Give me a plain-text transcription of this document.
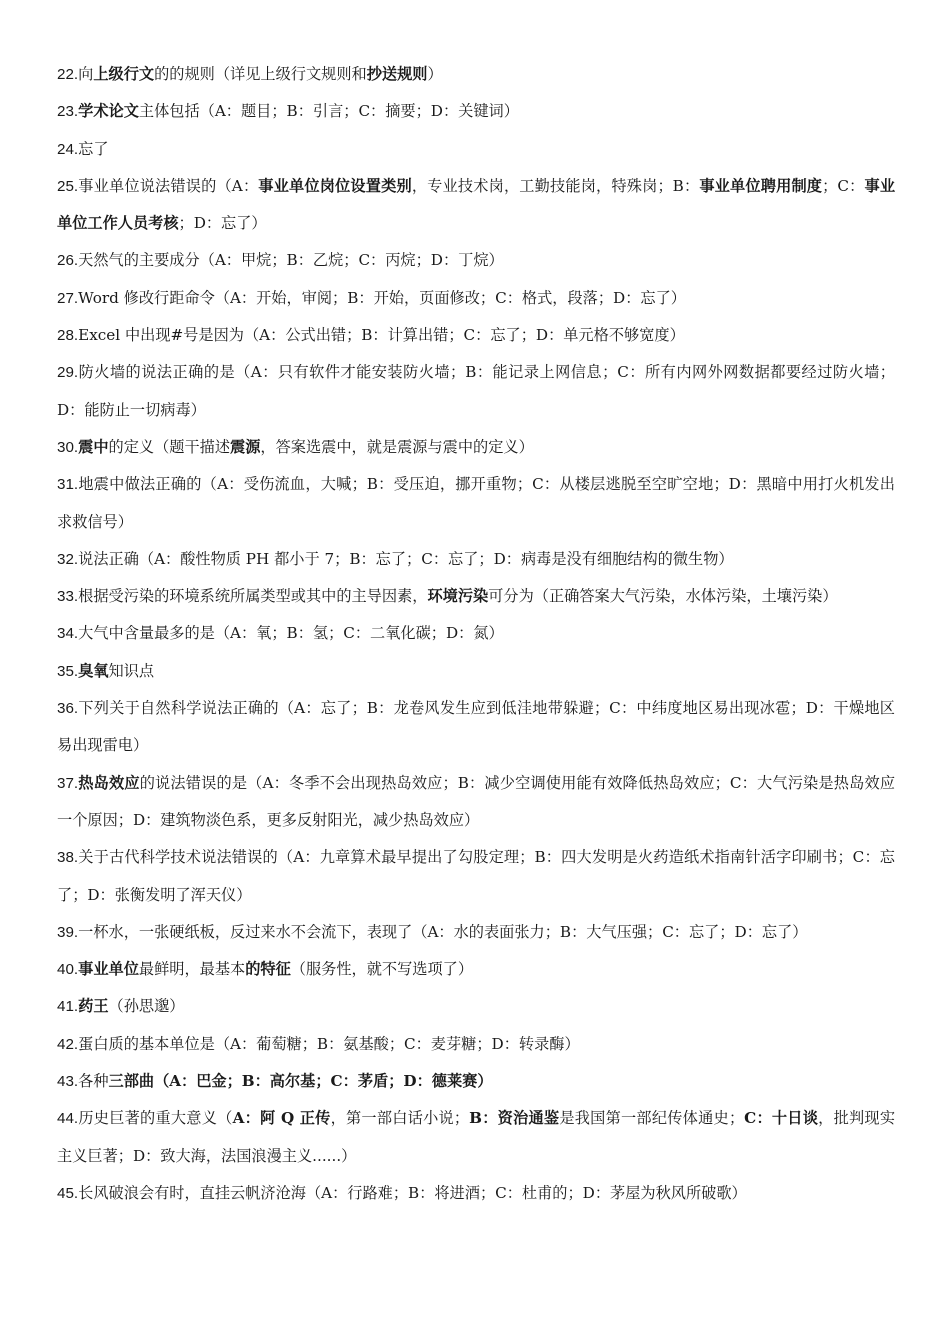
22.向上级行文的的规则（详见上级行文规则和抄送规则）

23.学术论文主体包括（A：题目；B：引言；C：摘要；D：关键词）

24.忘了

25.事业单位说法错误的（A：事业单位岗位设置类别，专业技术岗，工勤技能岗，特殊岗；B：事业单位聘用制度；C：事业单位工作人员考核；D：忘了）

26.天然气的主要成分（A：甲烷；B：乙烷；C：丙烷；D：丁烷）

27.Word 修改行距命令（A：开始，审阅；B：开始，页面修改；C：格式，段落；D：忘了）

28.Excel 中出现#号是因为（A：公式出错；B：计算出错；C：忘了；D：单元格不够宽度）

29.防火墙的说法正确的是（A：只有软件才能安装防火墙；B：能记录上网信息；C：所有内网外网数据都要经过防火墙；D：能防止一切病毒）

30.震中的定义（题干描述震源，答案选震中，就是震源与震中的定义）

31.地震中做法正确的（A：受伤流血，大喊；B：受压迫，挪开重物；C：从楼层逃脱至空旷空地；D：黑暗中用打火机发出求救信号）

32.说法正确（A：酸性物质 PH 都小于 7；B：忘了；C：忘了；D：病毒是没有细胞结构的微生物）

33.根据受污染的环境系统所属类型或其中的主导因素，环境污染可分为（正确答案大气污染，水体污染，土壤污染）

34.大气中含量最多的是（A：氧；B：氢；C：二氧化碳；D：氮）

35.臭氧知识点

36.下列关于自然科学说法正确的（A：忘了；B：龙卷风发生应到低洼地带躲避；C：中纬度地区易出现冰雹；D：干燥地区易出现雷电）

37.热岛效应的说法错误的是（A：冬季不会出现热岛效应；B：减少空调使用能有效降低热岛效应；C：大气污染是热岛效应一个原因；D：建筑物淡色系，更多反射阳光，减少热岛效应）

38.关于古代科学技术说法错误的（A：九章算术最早提出了勾股定理；B：四大发明是火药造纸术指南针活字印刷书；C：忘了；D：张衡发明了浑天仪）

39.一杯水，一张硬纸板，反过来水不会流下，表现了（A：水的表面张力；B：大气压强；C：忘了；D：忘了）

40.事业单位最鲜明，最基本的特征（服务性，就不写选项了）

41.药王（孙思邈）

42.蛋白质的基本单位是（A：葡萄糖；B：氨基酸；C：麦芽糖；D：转录酶）

43.各种三部曲（A：巴金；B：高尔基；C：茅盾；D：德莱赛）

44.历史巨著的重大意义（A：阿 Q 正传，第一部白话小说；B：资治通鉴是我国第一部纪传体通史；C：十日谈，批判现实主义巨著；D：致大海，法国浪漫主义......）

45.长风破浪会有时，直挂云帆济沧海（A：行路难；B：将进酒；C：杜甫的；D：茅屋为秋风所破歌）
